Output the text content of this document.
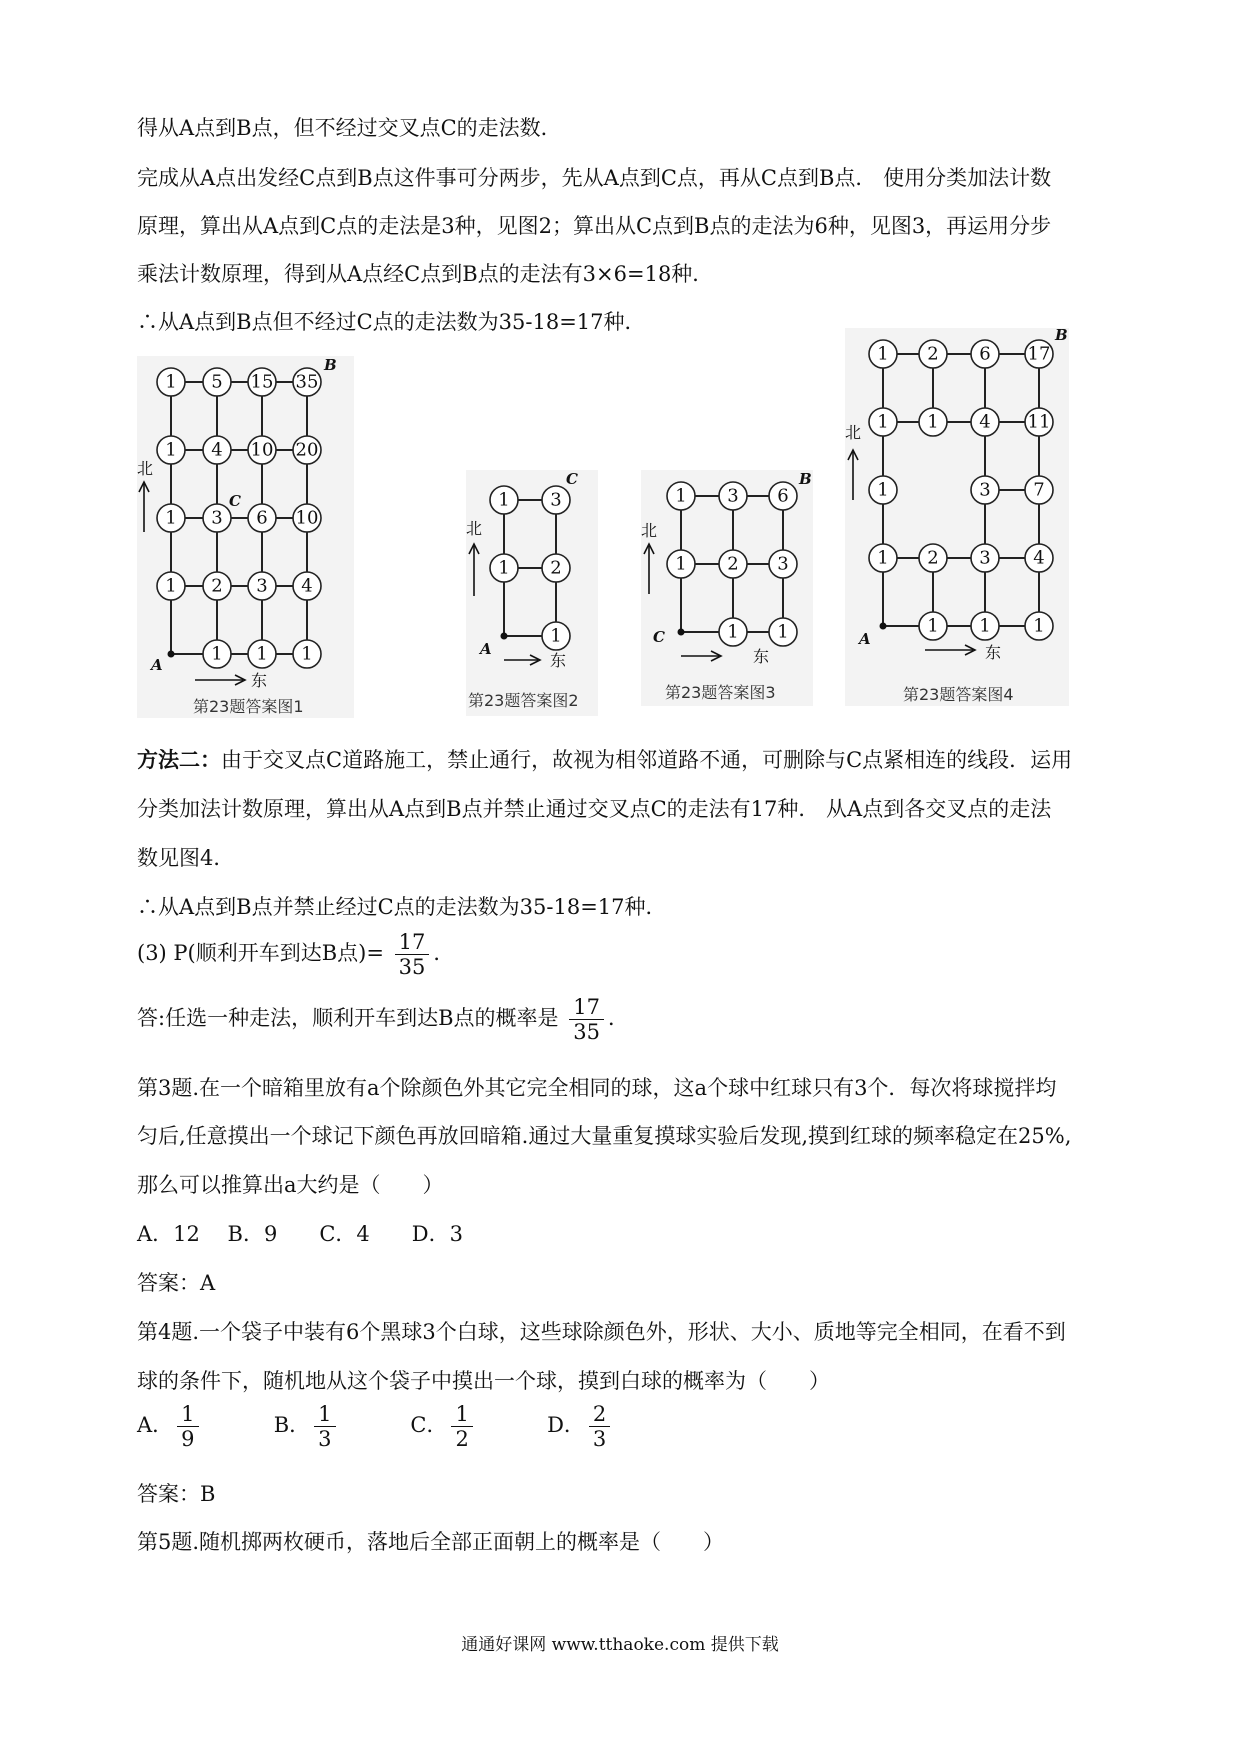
得从A点到B点，但不经过交叉点C的走法数．
完成从A点出发经C点到B点这件事可分两步，先从A点到C点，再从C点到B点． 使用分类加法计数
原理，算出从A点到C点的走法是3种，见图2；算出从C点到B点的走法为6种，见图3，再运用分步
乘法计数原理，得到从A点经C点到B点的走法有3×6=18种．
∴从A点到B点但不经过C点的走法数为35-18=17种．
1 5 15 35
1 4 10 20
1 3 6 10
1 2 3 4
1 1 1
A
B
C
北
东
第23题答案图1
1 3
1 2
1
A
C
北
东
第23题答案图2
1 3 6
1 2 3
1 1
C
B
北
东
第23题答案图3
1 2 6 17
1 1 4 11
1	3 7
1 2 3 4
1 1 1
A
B
北
东
第23题答案图4
方法二：由于交叉点C道路施工，禁止通行，故视为相邻道路不通，可删除与C点紧相连的线段．运用
分类加法计数原理，算出从A点到B点并禁止通过交叉点C的走法有17种． 从A点到各交叉点的走法
数见图4．
∴从A点到B点并禁止经过C点的走法数为35-18=17种．
(3) P(顺利开车到达B点)= $\frac{17}{35}$ ．
答:任选一种走法，顺利开车到达B点的概率是 $\frac{17}{35}$ ．
第3题.在一个暗箱里放有a个除颜色外其它完全相同的球，这a个球中红球只有3个．每次将球搅拌均
匀后,任意摸出一个球记下颜色再放回暗箱.通过大量重复摸球实验后发现,摸到红球的频率稳定在25%,
那么可以推算出a大约是（　　）
A．12　 B．9　　C．4　　D．3
答案：A
第4题.一个袋子中装有6个黑球3个白球，这些球除颜色外，形状、大小、质地等完全相同，在看不到
球的条件下，随机地从这个袋子中摸出一个球，摸到白球的概率为（　　）
A． $\frac{1}{9}$	B． $\frac{1}{3}$	C． $\frac{1}{2}$	D． $\frac{2}{3}$
答案：B
第5题.随机掷两枚硬币，落地后全部正面朝上的概率是（　　）
通通好课网 www.tthaoke.com 提供下载
